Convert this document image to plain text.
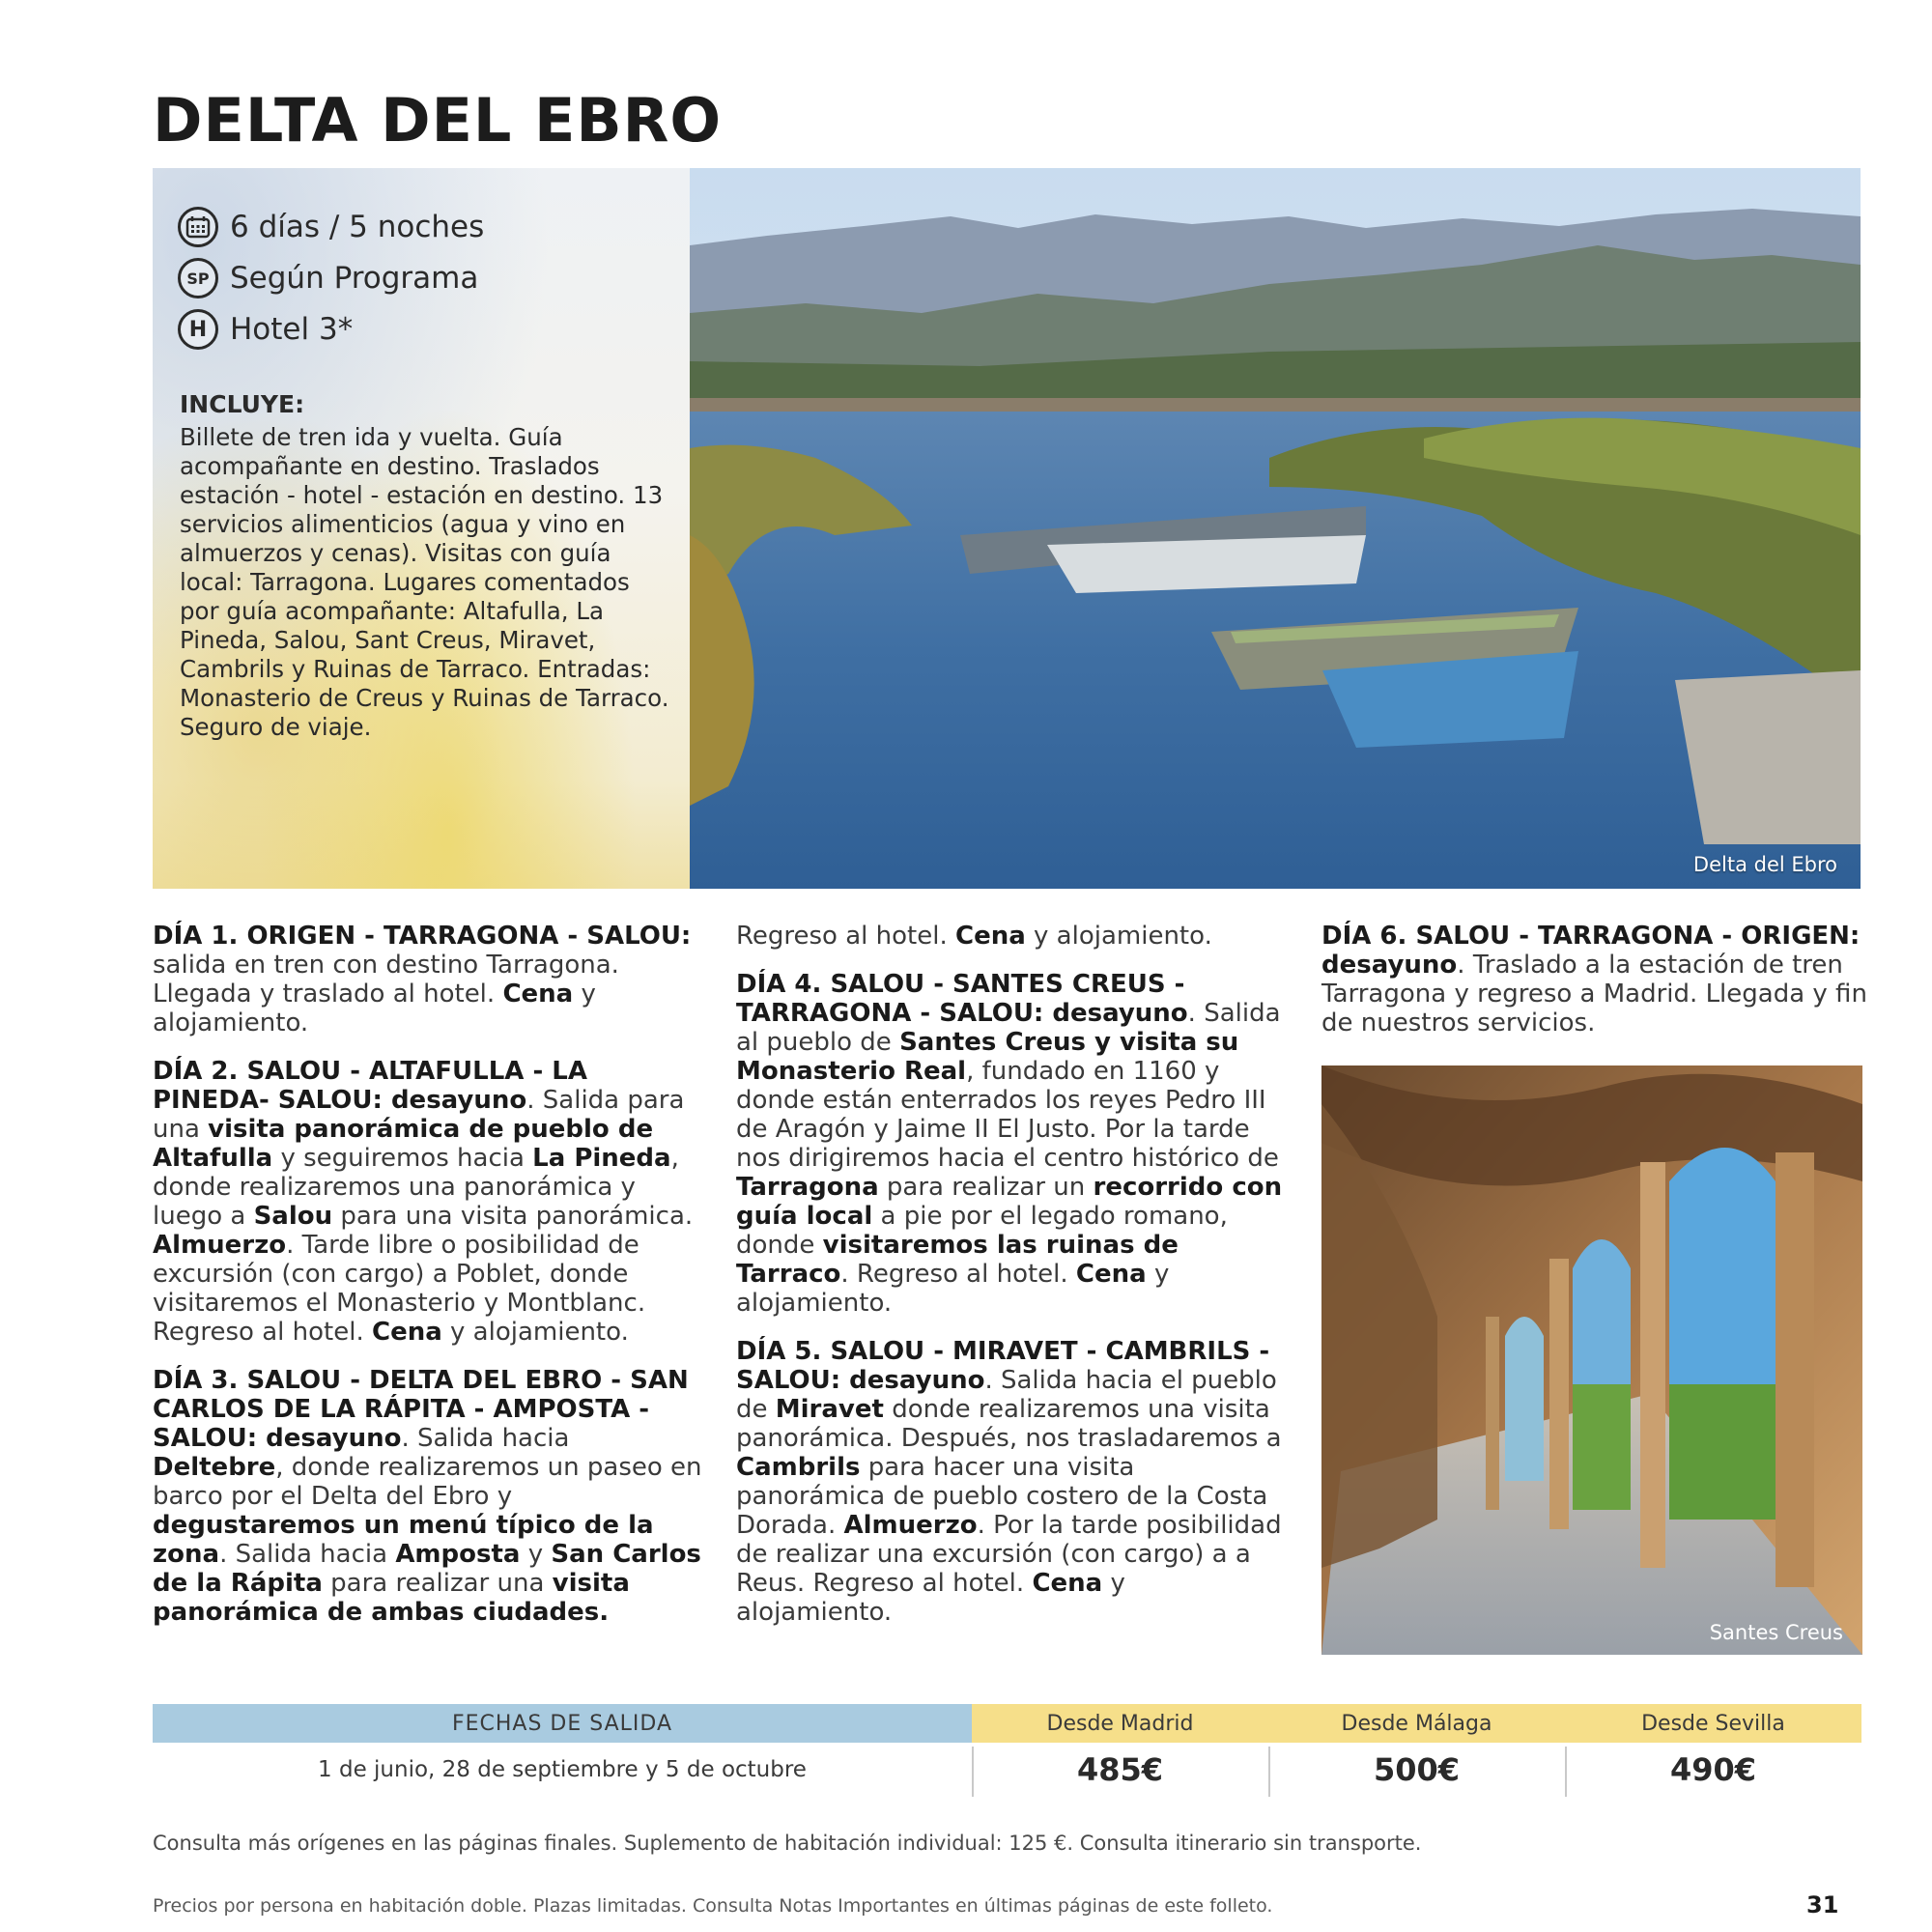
DELTA DEL EBRO
6 días / 5 noches
SP Según Programa
H Hotel 3*
INCLUYE:
Billete de tren ida y vuelta. Guía acompañante en destino. Traslados estación - hotel - estación en destino. 13 servicios alimenticios (agua y vino en almuerzos y cenas). Visitas con guía local: Tarragona. Lugares comentados por guía acompañante: Altafulla, La Pineda, Salou, Sant Creus, Miravet, Cambrils y Ruinas de Tarraco. Entradas: Monasterio de Creus y Ruinas de Tarraco. Seguro de viaje.
Delta del Ebro
DÍA 1. ORIGEN - TARRAGONA - SALOU: salida en tren con destino Tarragona. Llegada y traslado al hotel. Cena y alojamiento.
DÍA 2. SALOU - ALTAFULLA - LA PINEDA- SALOU: desayuno. Salida para una visita panorámica de pueblo de Altafulla y seguiremos hacia La Pineda, donde realizaremos una panorámica y luego a Salou para una visita panorámica. Almuerzo. Tarde libre o posibilidad de excursión (con cargo) a Poblet, donde visitaremos el Monasterio y Montblanc. Regreso al hotel. Cena y alojamiento.
DÍA 3. SALOU - DELTA DEL EBRO - SAN CARLOS DE LA RÁPITA - AMPOSTA - SALOU: desayuno. Salida hacia Deltebre, donde realizaremos un paseo en barco por el Delta del Ebro y degustaremos un menú típico de la zona. Salida hacia Amposta y San Carlos de la Rápita para realizar una visita panorámica de ambas ciudades.
Regreso al hotel. Cena y alojamiento.
DÍA 4. SALOU - SANTES CREUS -TARRAGONA - SALOU: desayuno. Salida al pueblo de Santes Creus y visita su Monasterio Real, fundado en 1160 y donde están enterrados los reyes Pedro III de Aragón y Jaime II El Justo. Por la tarde nos dirigiremos hacia el centro histórico de Tarragona para realizar un recorrido con guía local a pie por el legado romano, donde visitaremos las ruinas de Tarraco. Regreso al hotel. Cena y alojamiento.
DÍA 5. SALOU - MIRAVET - CAMBRILS - SALOU: desayuno. Salida hacia el pueblo de Miravet donde realizaremos una visita panorámica. Después, nos trasladaremos a Cambrils para hacer una visita panorámica de pueblo costero de la Costa Dorada. Almuerzo. Por la tarde posibilidad de realizar una excursión (con cargo) a a Reus. Regreso al hotel. Cena y alojamiento.
DÍA 6. SALOU - TARRAGONA - ORIGEN: desayuno. Traslado a la estación de tren Tarragona y regreso a Madrid. Llegada y fin de nuestros servicios.
Santes Creus
FECHAS DE SALIDA	Desde Madrid	Desde Málaga	Desde Sevilla
1 de junio, 28 de septiembre y 5 de octubre	485€	500€	490€
Consulta más orígenes en las páginas finales. Suplemento de habitación individual: 125 €. Consulta itinerario sin transporte.
Precios por persona en habitación doble. Plazas limitadas. Consulta Notas Importantes en últimas páginas de este folleto.	31
